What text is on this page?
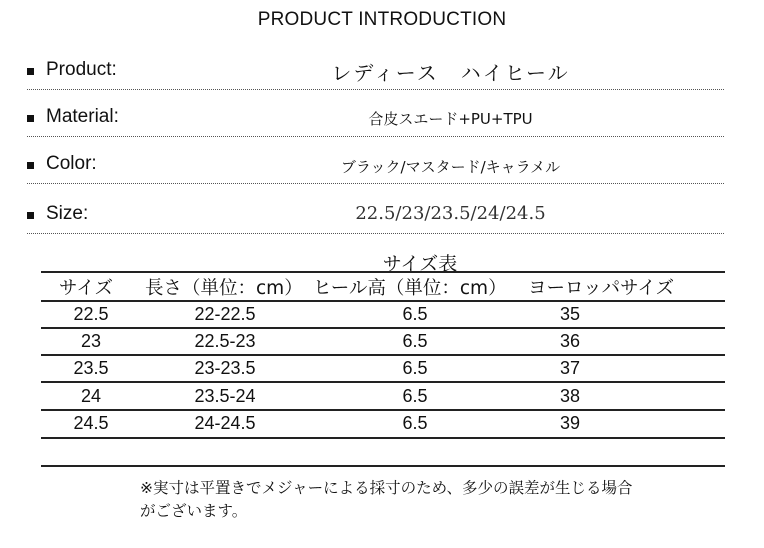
PRODUCT INTRODUCTION
Product:	レディース　ハイヒール
Material:	合皮スエード+PU+TPU
Color:	ブラック/マスタード/キャラメル
Size:	22.5/23/23.5/24/24.5
サイズ表
サイズ 長さ（単位：cm） ヒール高（単位：cm） ヨーロッパサイズ
22.5	22-22.5	6.5	35
23	22.5-23	6.5	36
23.5	23-23.5	6.5	37
24	23.5-24	6.5	38
24.5	24-24.5	6.5	39
※実寸は平置きでメジャーによる採寸のため、多少の誤差が生じる場合
がございます。
